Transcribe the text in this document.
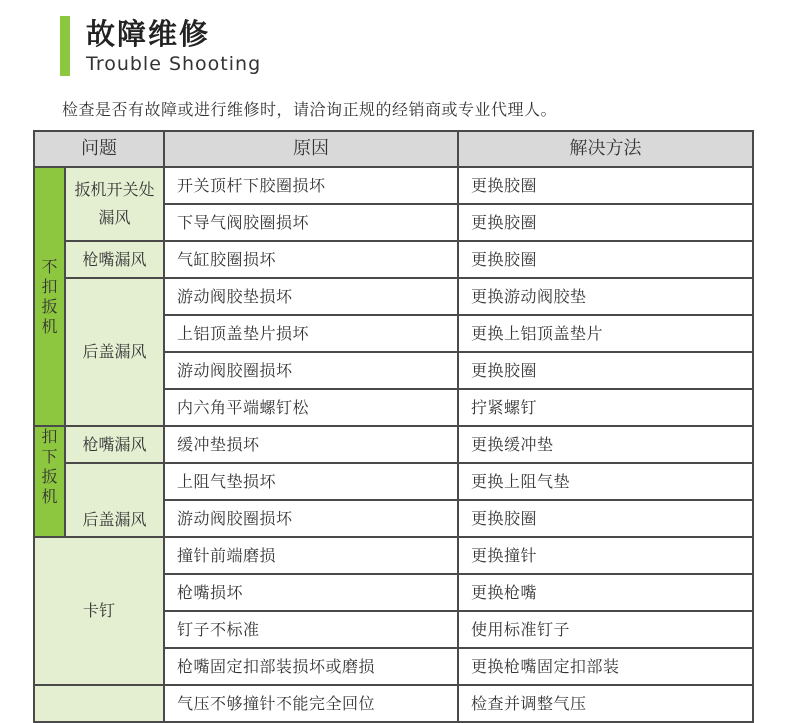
故障维修
Trouble Shooting
检查是否有故障或进行维修时，请洽询正规的经销商或专业代理人。
问题		原因	解决方法

不扣扳机	扳机开关处漏风	开关顶杆下胶圈损坏	更换胶圈
		下导气阀胶圈损坏	更换胶圈
	枪嘴漏风	气缸胶圈损坏	更换胶圈
	后盖漏风	游动阀胶垫损坏	更换游动阀胶垫
		上铝顶盖垫片损坏	更换上铝顶盖垫片
		游动阀胶圈损坏	更换胶圈
		内六角平端螺钉松	拧紧螺钉

扣下扳机	枪嘴漏风	缓冲垫损坏	更换缓冲垫

	后盖漏风	上阻气垫损坏	更换上阻气垫
		游动阀胶圈损坏	更换胶圈
卡钉		撞针前端磨损	更换撞针
		枪嘴损坏	更换枪嘴
		钉子不标准	使用标准钉子
		枪嘴固定扣部装损坏或磨损	更换枪嘴固定扣部装
		气压不够撞针不能完全回位	检查并调整气压
